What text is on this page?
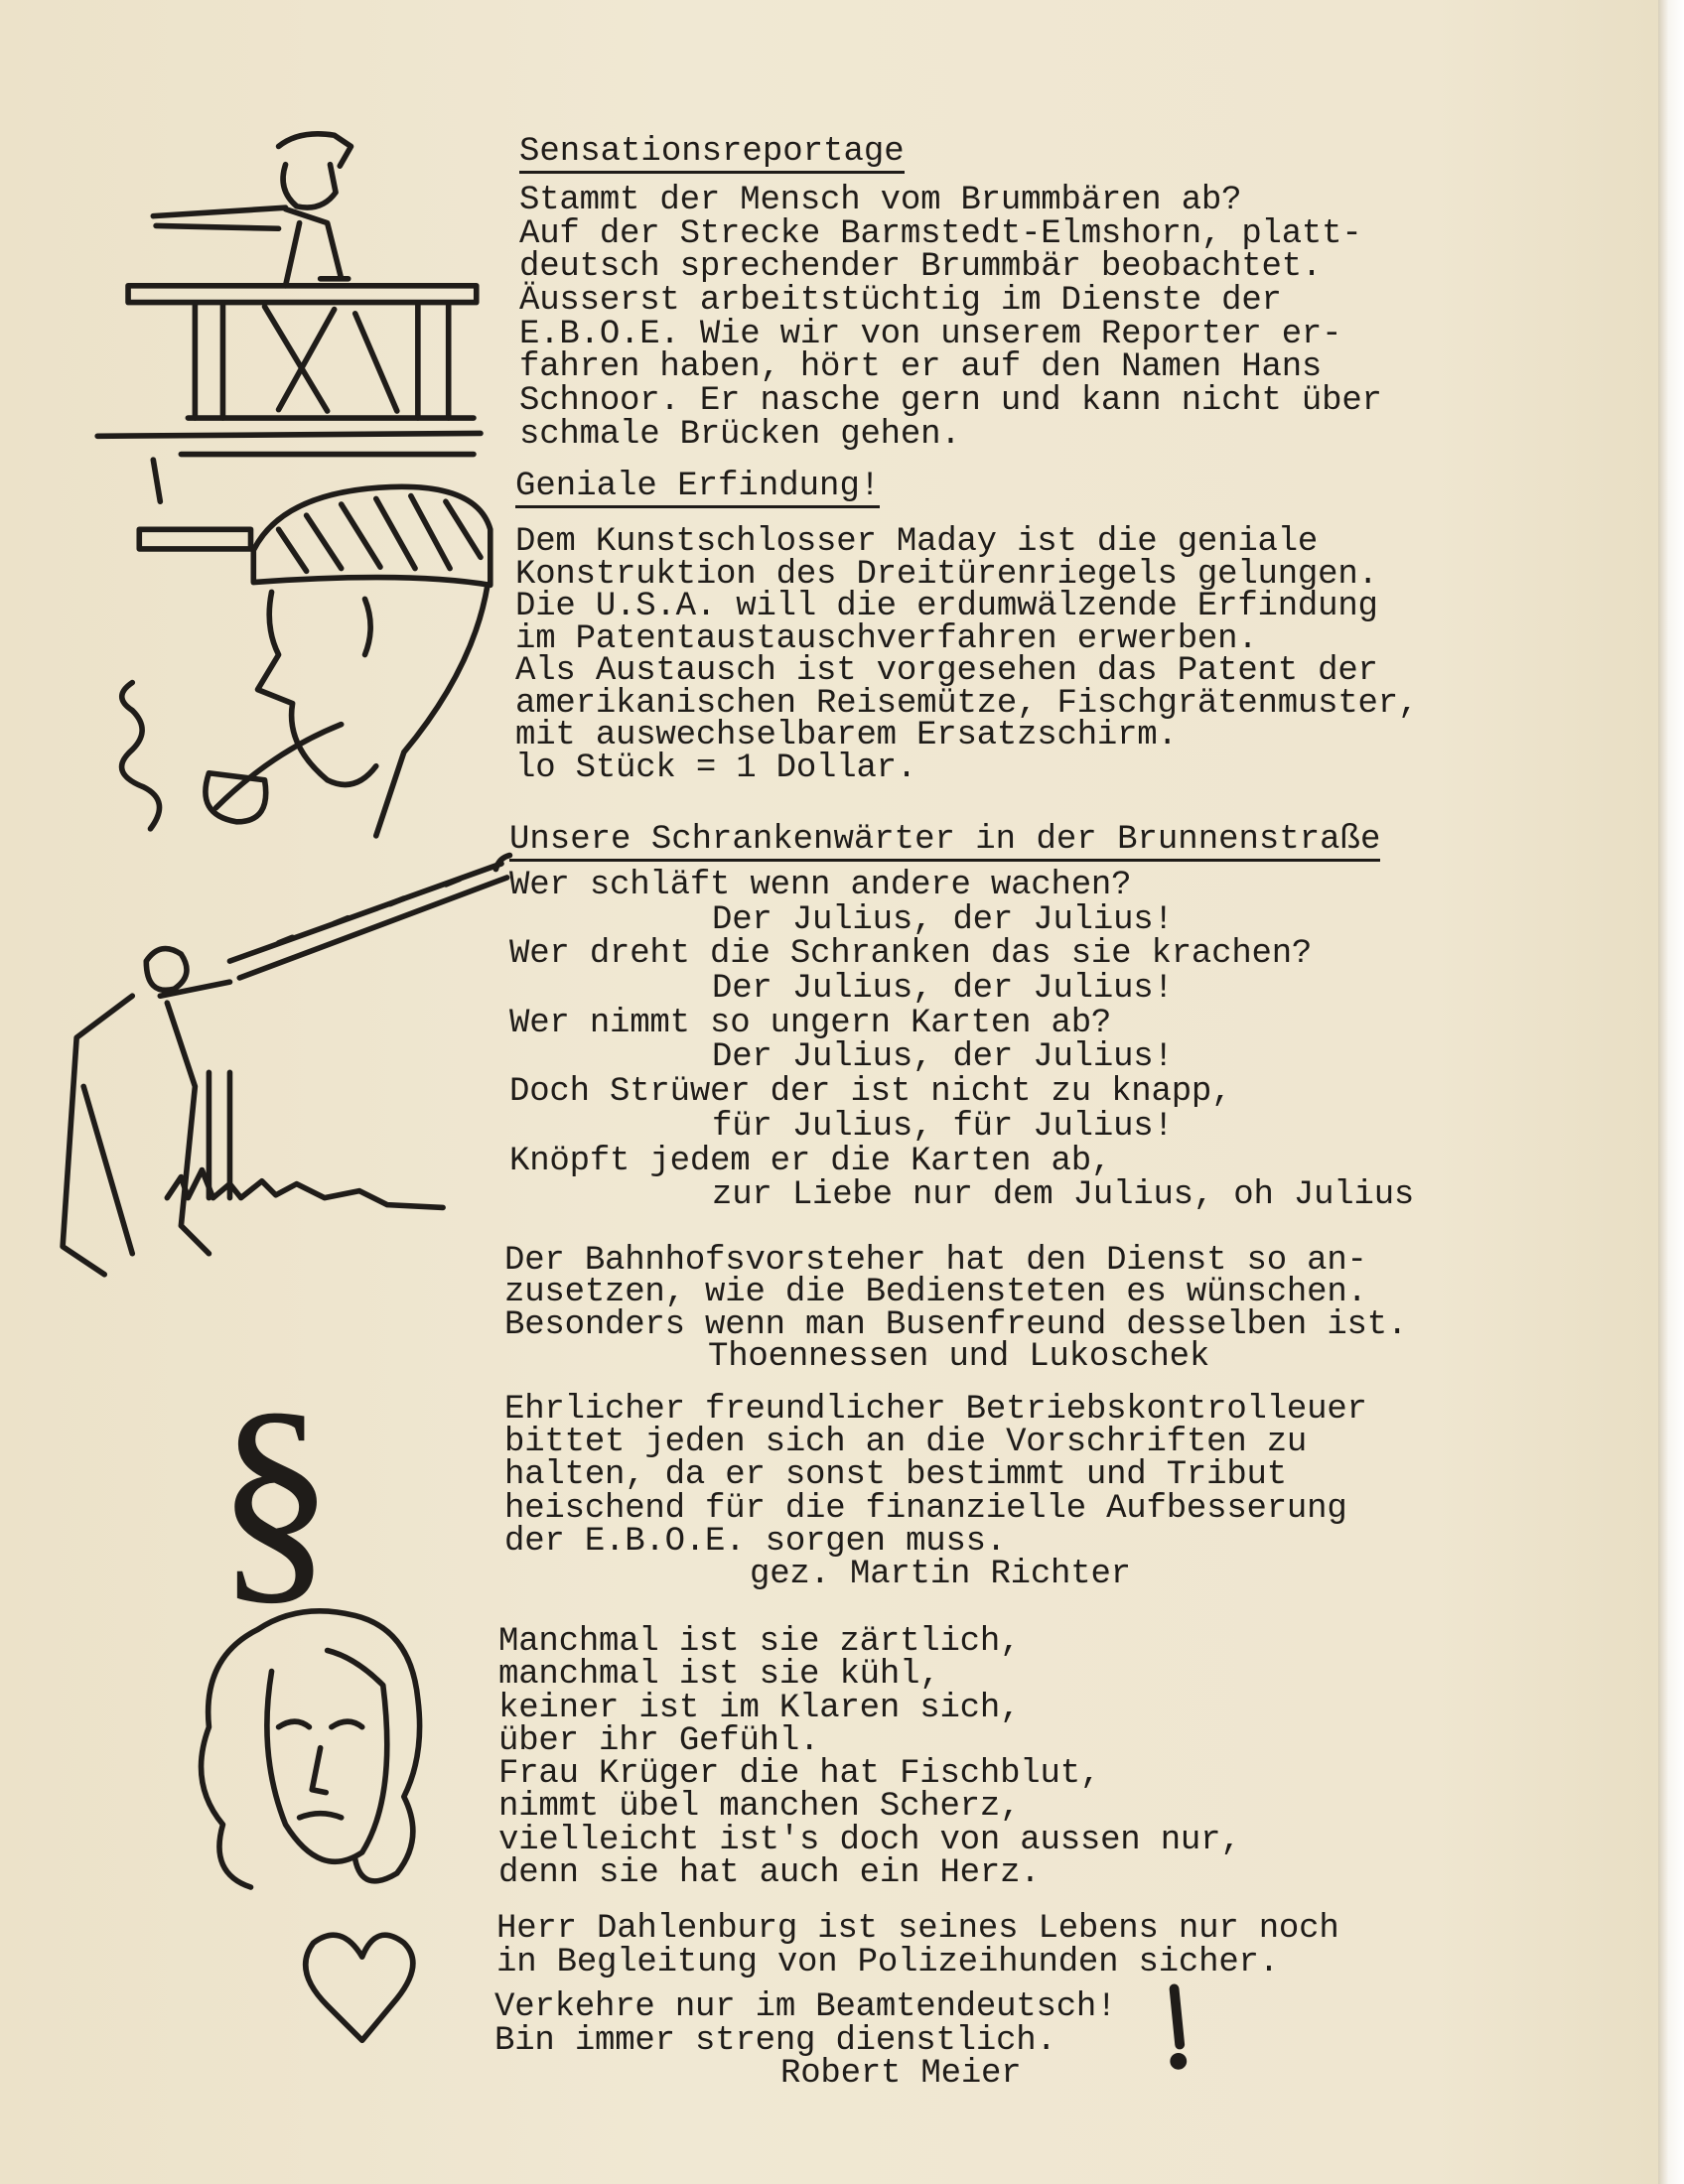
§
Sensationsreportage
Stammt der Mensch vom Brummbären ab?
Auf der Strecke Barmstedt-Elmshorn, platt-
deutsch sprechender Brummbär beobachtet.
Äusserst arbeitstüchtig im Dienste der
E.B.O.E. Wie wir von unserem Reporter er-
fahren haben, hört er auf den Namen Hans
Schnoor. Er nasche gern und kann nicht über
schmale Brücken gehen.
Geniale Erfindung!
Dem Kunstschlosser Maday ist die geniale
Konstruktion des Dreitürenriegels gelungen.
Die U.S.A. will die erdumwälzende Erfindung
im Patentaustauschverfahren erwerben.
Als Austausch ist vorgesehen das Patent der
amerikanischen Reisemütze, Fischgrätenmuster,
mit auswechselbarem Ersatzschirm.
lo Stück = 1 Dollar.
Unsere Schrankenwärter in der Brunnenstraße
Wer schläft wenn andere wachen?
Der Julius, der Julius!
Wer dreht die Schranken das sie krachen?
Der Julius, der Julius!
Wer nimmt so ungern Karten ab?
Der Julius, der Julius!
Doch Strüwer der ist nicht zu knapp,
für Julius, für Julius!
Knöpft jedem er die Karten ab,
zur Liebe nur dem Julius, oh Julius
Der Bahnhofsvorsteher hat den Dienst so an-
zusetzen, wie die Bediensteten es wünschen.
Besonders wenn man Busenfreund desselben ist.
Thoennessen und Lukoschek
Ehrlicher freundlicher Betriebskontrolleuer
bittet jeden sich an die Vorschriften zu
halten, da er sonst bestimmt und Tribut
heischend für die finanzielle Aufbesserung
der E.B.O.E. sorgen muss.
gez. Martin Richter
Manchmal ist sie zärtlich,
manchmal ist sie kühl,
keiner ist im Klaren sich,
über ihr Gefühl.
Frau Krüger die hat Fischblut,
nimmt übel manchen Scherz,
vielleicht ist's doch von aussen nur,
denn sie hat auch ein Herz.
Herr Dahlenburg ist seines Lebens nur noch
in Begleitung von Polizeihunden sicher.
Verkehre nur im Beamtendeutsch!
Bin immer streng dienstlich.
Robert Meier
